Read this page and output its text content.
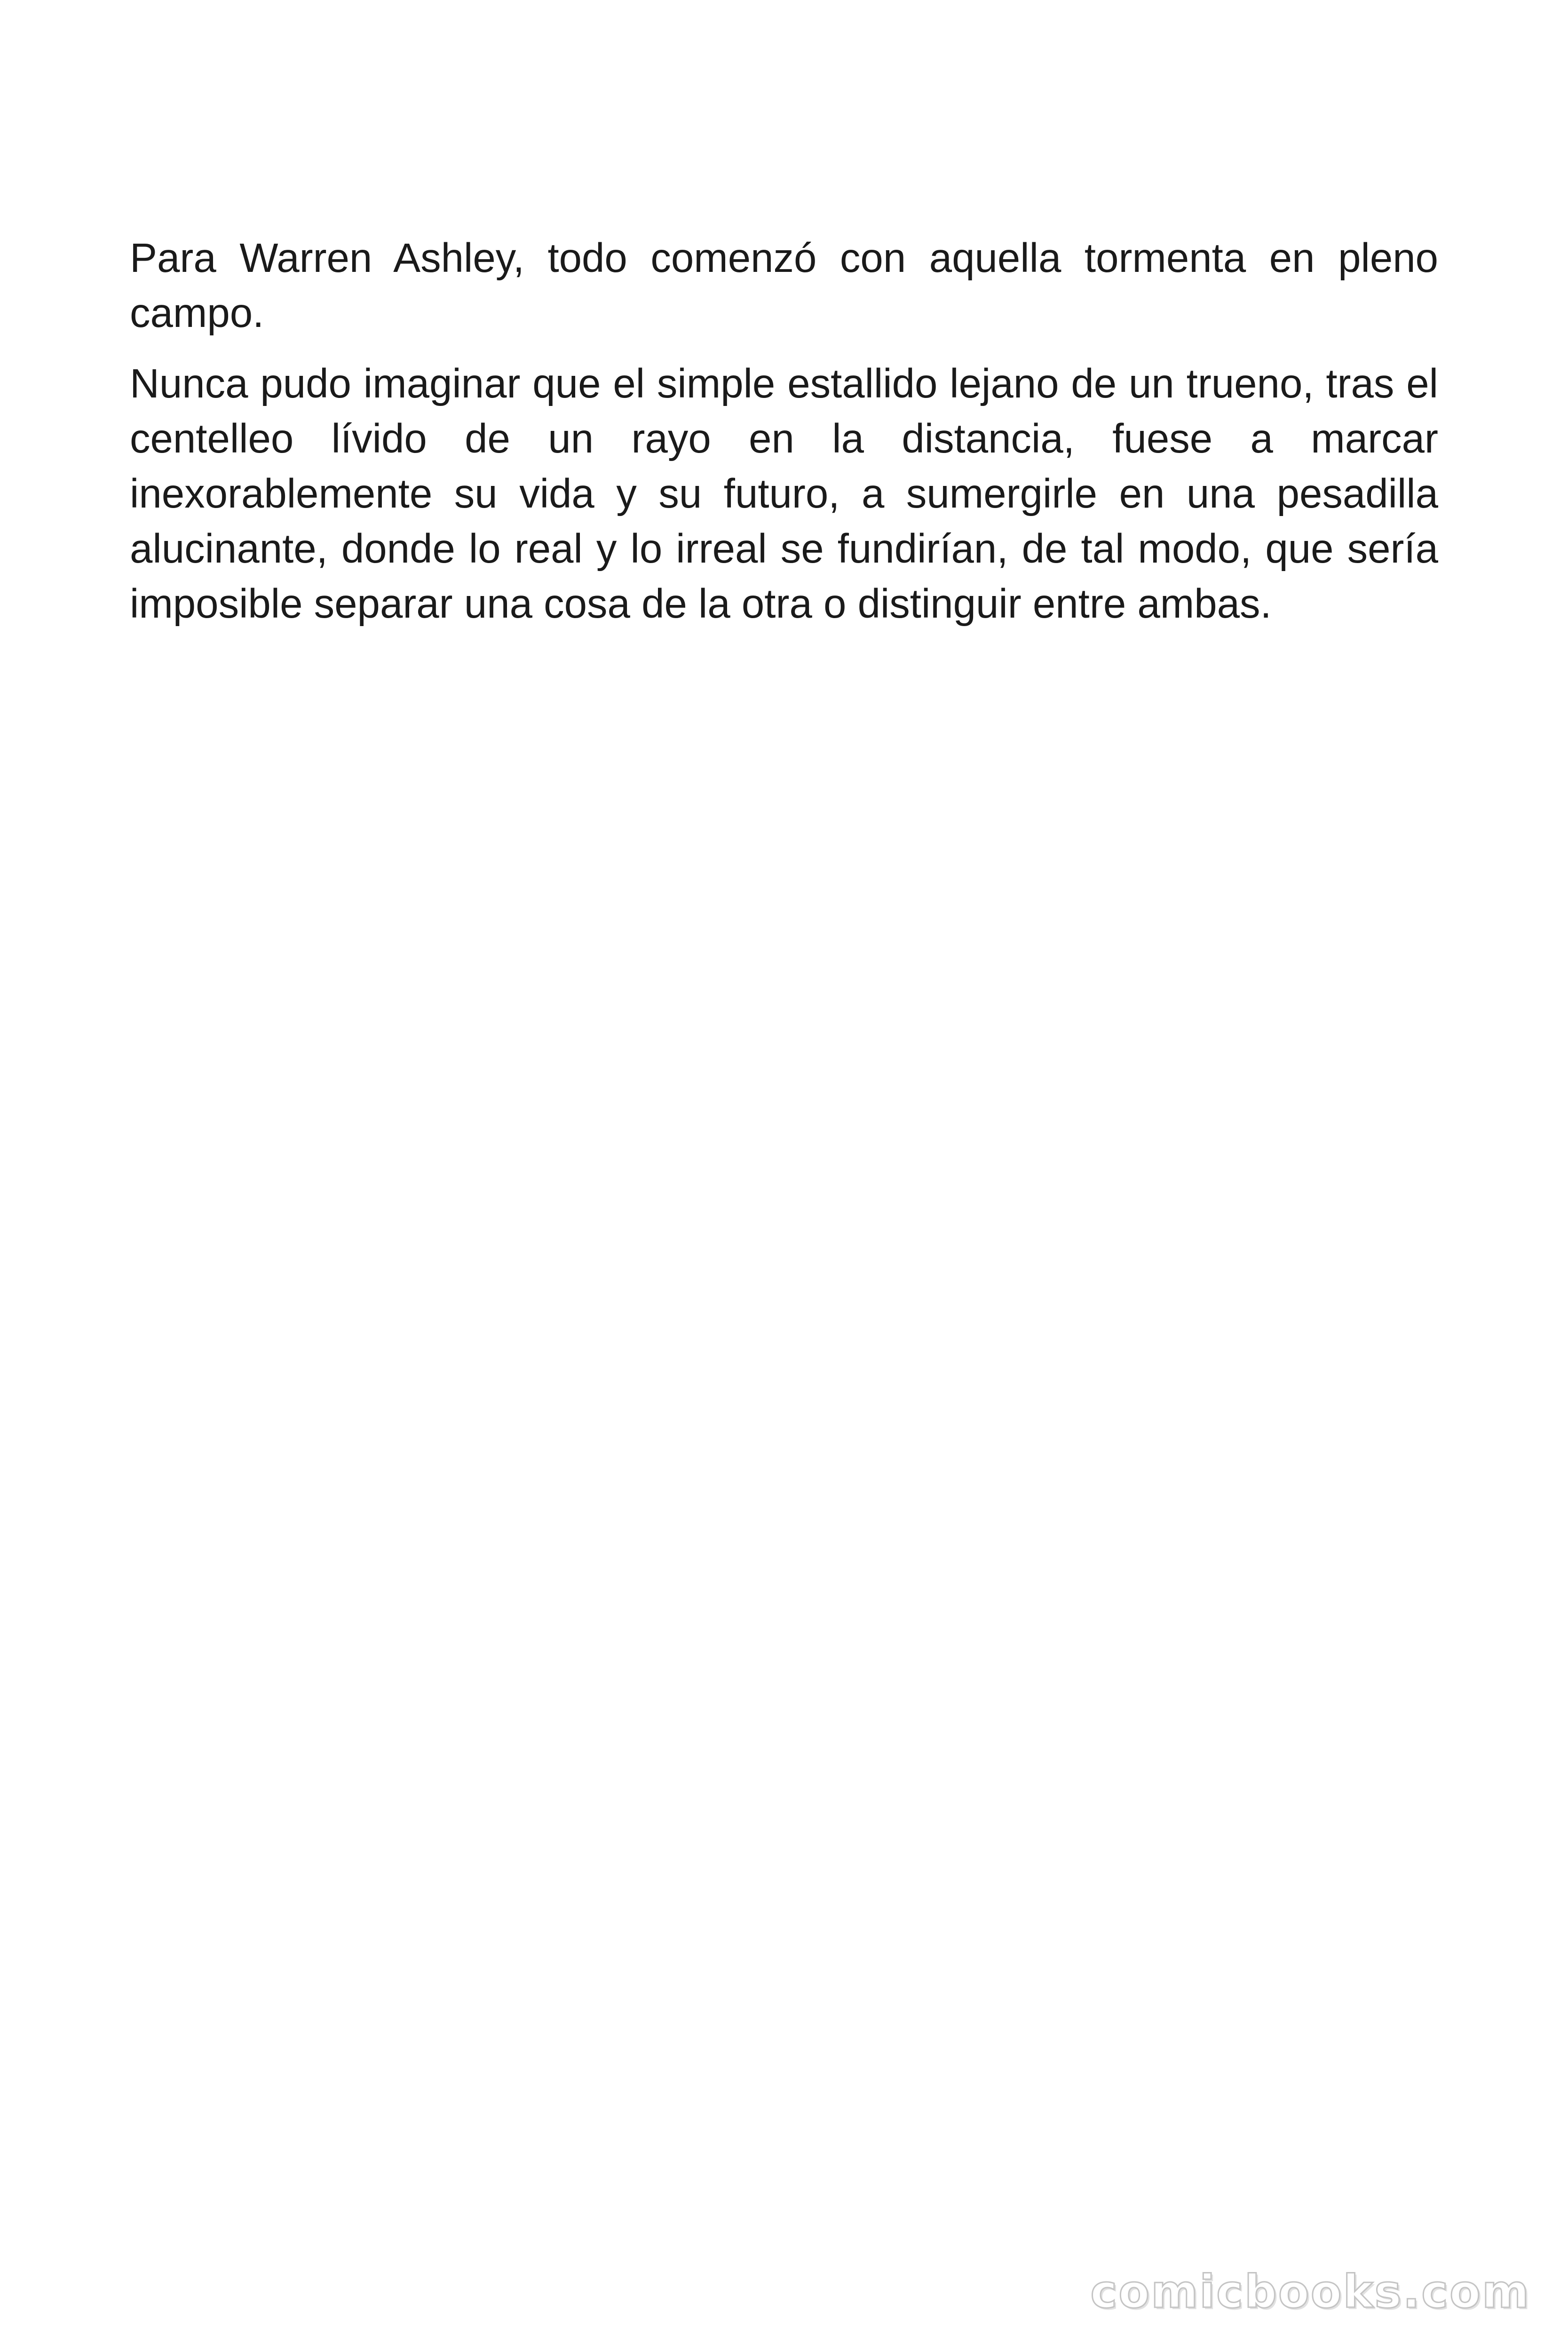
Para Warren Ashley, todo comenzó con aquella tormenta en pleno campo.

Nunca pudo imaginar que el simple estallido lejano de un trueno, tras el centelleo lívido de un rayo en la distancia, fuese a marcar inexorablemente su vida y su futuro, a sumergirle en una pesadilla alucinante, donde lo real y lo irreal se fundirían, de tal modo, que sería imposible separar una cosa de la otra o distinguir entre ambas.

comicbooks.com
